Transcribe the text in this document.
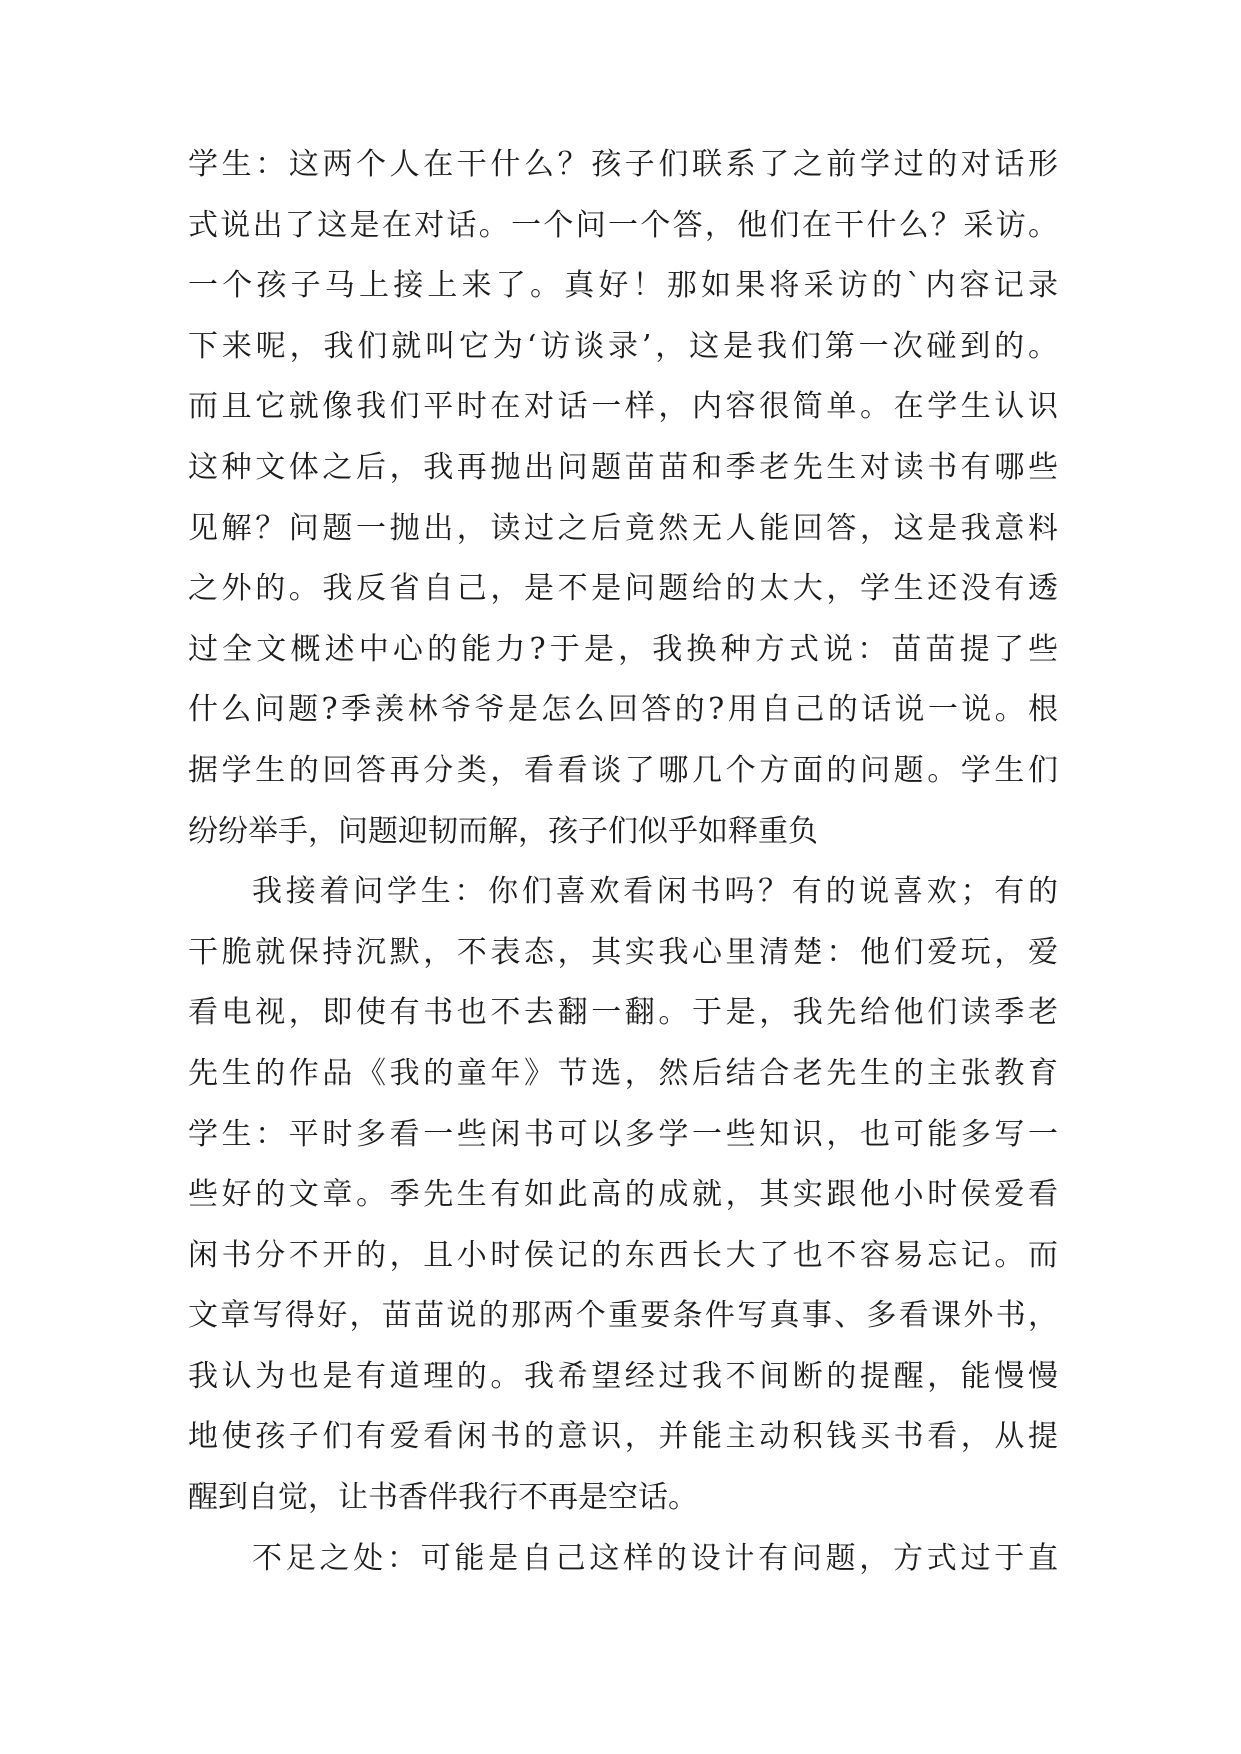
学生：这两个人在干什么？孩子们联系了之前学过的对话形
式说出了这是在对话。一个问一个答，他们在干什么？采访。
一个孩子马上接上来了。真好！那如果将采访的`内容记录
下来呢，我们就叫它为‘访谈录’，这是我们第一次碰到的。
而且它就像我们平时在对话一样，内容很简单。在学生认识
这种文体之后，我再抛出问题苗苗和季老先生对读书有哪些
见解？问题一抛出，读过之后竟然无人能回答，这是我意料
之外的。我反省自己，是不是问题给的太大，学生还没有透
过全文概述中心的能力?于是，我换种方式说：苗苗提了些
什么问题?季羡林爷爷是怎么回答的?用自己的话说一说。根
据学生的回答再分类，看看谈了哪几个方面的问题。学生们
纷纷举手，问题迎韧而解，孩子们似乎如释重负
我接着问学生：你们喜欢看闲书吗？有的说喜欢；有的
干脆就保持沉默，不表态，其实我心里清楚：他们爱玩，爱
看电视，即使有书也不去翻一翻。于是，我先给他们读季老
先生的作品《我的童年》节选，然后结合老先生的主张教育
学生：平时多看一些闲书可以多学一些知识，也可能多写一
些好的文章。季先生有如此高的成就，其实跟他小时侯爱看
闲书分不开的，且小时侯记的东西长大了也不容易忘记。而
文章写得好，苗苗说的那两个重要条件写真事、多看课外书，
我认为也是有道理的。我希望经过我不间断的提醒，能慢慢
地使孩子们有爱看闲书的意识，并能主动积钱买书看，从提
醒到自觉，让书香伴我行不再是空话。
不足之处：可能是自己这样的设计有问题，方式过于直
